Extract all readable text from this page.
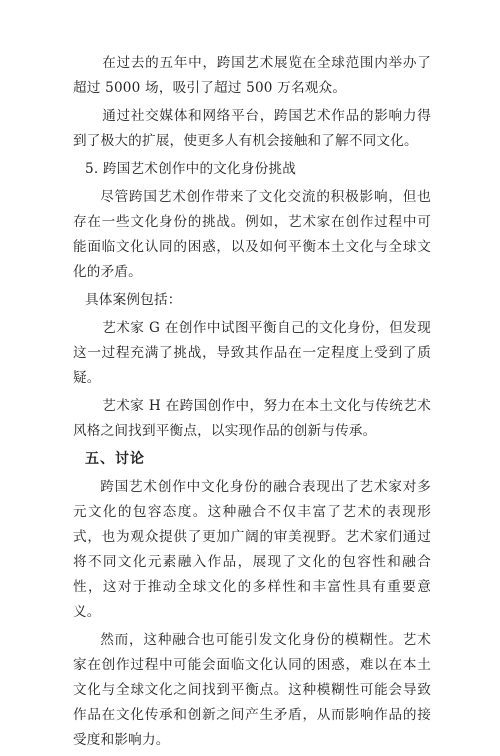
在过去的五年中，跨国艺术展览在全球范围内举办了超过 5000 场，吸引了超过 500 万名观众。

通过社交媒体和网络平台，跨国艺术作品的影响力得到了极大的扩展，使更多人有机会接触和了解不同文化。

5. 跨国艺术创作中的文化身份挑战

尽管跨国艺术创作带来了文化交流的积极影响，但也存在一些文化身份的挑战。例如，艺术家在创作过程中可能面临文化认同的困惑，以及如何平衡本土文化与全球文化的矛盾。

具体案例包括：

艺术家 G 在创作中试图平衡自己的文化身份，但发现这一过程充满了挑战，导致其作品在一定程度上受到了质疑。

艺术家 H 在跨国创作中，努力在本土文化与传统艺术风格之间找到平衡点，以实现作品的创新与传承。

五、讨论

跨国艺术创作中文化身份的融合表现出了艺术家对多元文化的包容态度。这种融合不仅丰富了艺术的表现形式，也为观众提供了更加广阔的审美视野。艺术家们通过将不同文化元素融入作品，展现了文化的包容性和融合性，这对于推动全球文化的多样性和丰富性具有重要意义。

然而，这种融合也可能引发文化身份的模糊性。艺术家在创作过程中可能会面临文化认同的困惑，难以在本土文化与全球文化之间找到平衡点。这种模糊性可能会导致作品在文化传承和创新之间产生矛盾，从而影响作品的接受度和影响力。
